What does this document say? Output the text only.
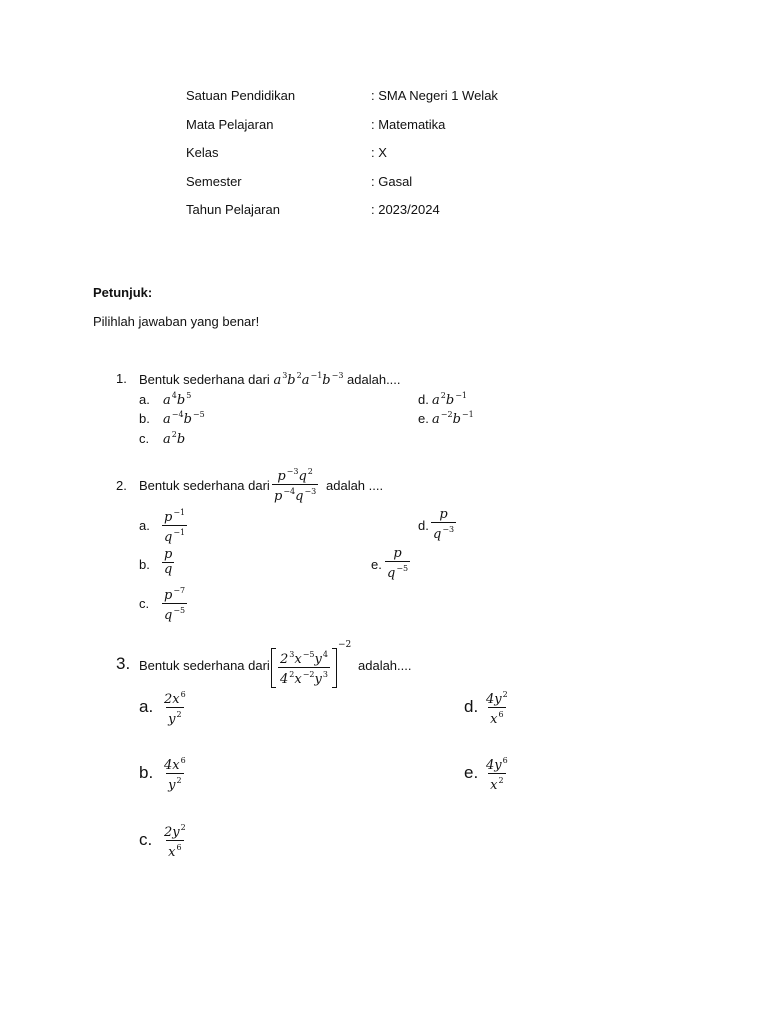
Satuan Pendidikan	: SMA Negeri 1 Welak
Mata Pelajaran	: Matematika
Kelas	: X
Semester	: Gasal
Tahun Pelajaran	: 2023/2024
Petunjuk:
Pilihlah jawaban yang benar!
1. Bentuk sederhana dari $a^3b^2a^{-1}b^{-3}$ adalah....
a. $a^4b^5$
b. $a^{-4}b^{-5}$
c. $a^2b$
d. $a^2b^{-1}$
e. $a^{-2}b^{-1}$
2. Bentuk sederhana dari $\frac{p^{-3}q^2}{p^{-4}q^{-3}}$ adalah ....
a. $\frac{p^{-1}}{q^{-1}}$
b. $\frac{p}{q}$
c. $\frac{p^{-7}}{q^{-5}}$
d. $\frac{p}{q^{-3}}$
e. $\frac{p}{q^{-5}}$
3. Bentuk sederhana dari $\frac{2^3x^{-5}y^4}{4^2x^{-2}y^3}$
$^{-2}$
adalah....
a. $\frac{2x^6}{y^2}$
b. $\frac{4x^6}{y^2}$
c. $\frac{2y^2}{x^6}$
d. $\frac{4y^2}{x^6}$
e. $\frac{4y^6}{x^2}$
